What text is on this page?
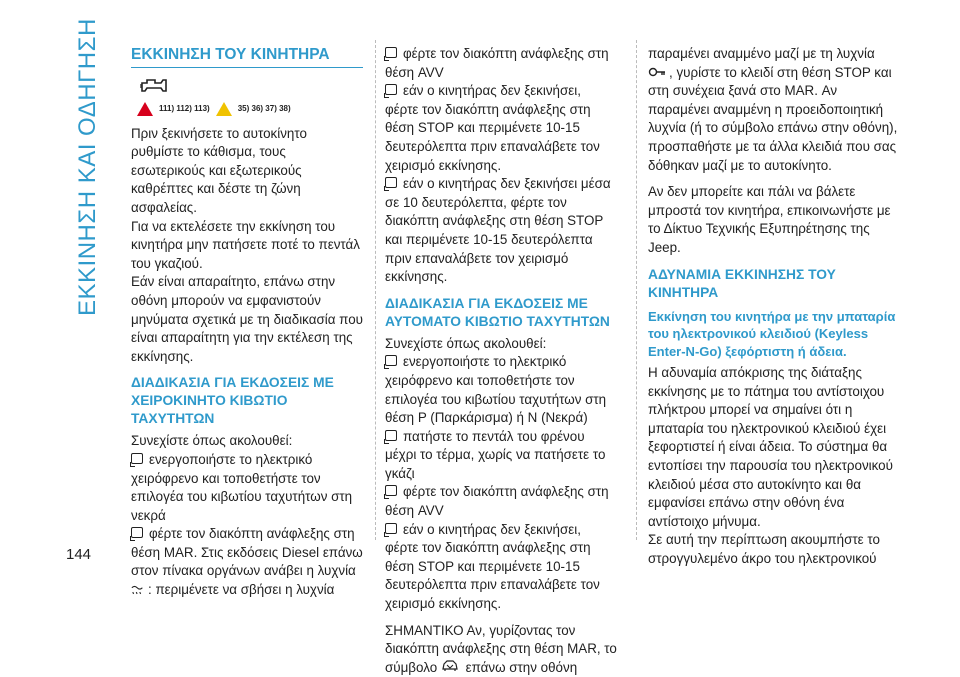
ΕΚΚΙΝΗΣΗ ΚΑΙ ΟΔΗΓΗΣΗ
144
ΕΚΚΙΝΗΣΗ ΤΟΥ ΚΙΝΗΤΗΡΑ
111) 112) 113)	35) 36) 37) 38)

Πριν ξεκινήσετε το αυτοκίνητο ρυθμίστε το κάθισμα, τους εσωτερικούς και εξωτερικούς καθρέπτες και δέστε τη ζώνη ασφαλείας.

Για να εκτελέσετε την εκκίνηση του κινητήρα μην πατήσετε ποτέ το πεντάλ του γκαζιού.

Εάν είναι απαραίτητο, επάνω στην οθόνη μπορούν να εμφανιστούν μηνύματα σχετικά με τη διαδικασία που είναι απαραίτητη για την εκτέλεση της εκκίνησης.

ΔΙΑΔΙΚΑΣΙΑ ΓΙΑ ΕΚΔΟΣΕΙΣ ΜΕ ΧΕΙΡΟΚΙΝΗΤΟ ΚΙΒΩΤΙΟ ΤΑΧΥΤΗΤΩΝ

Συνεχίστε όπως ακολουθεί:

ενεργοποιήστε το ηλεκτρικό χειρόφρενο και τοποθετήστε τον επιλογέα του κιβωτίου ταχυτήτων στη νεκρά

φέρτε τον διακόπτη ανάφλεξης στη θέση MAR. Στις εκδόσεις Diesel επάνω στον πίνακα οργάνων ανάβει η λυχνία

: περιμένετε να σβήσει η λυχνία

φέρτε τον διακόπτη ανάφλεξης στη θέση AVV

εάν ο κινητήρας δεν ξεκινήσει, φέρτε τον διακόπτη ανάφλεξης στη θέση STOP και περιμένετε 10-15 δευτερόλεπτα πριν επαναλάβετε τον χειρισμό εκκίνησης.

εάν ο κινητήρας δεν ξεκινήσει μέσα σε 10 δευτερόλεπτα, φέρτε τον διακόπτη ανάφλεξης στη θέση STOP και περιμένετε 10-15 δευτερόλεπτα πριν επαναλάβετε τον χειρισμό εκκίνησης.

ΔΙΑΔΙΚΑΣΙΑ ΓΙΑ ΕΚΔΟΣΕΙΣ ΜΕ ΑΥΤΟΜΑΤΟ ΚΙΒΩΤΙΟ ΤΑΧΥΤΗΤΩΝ

Συνεχίστε όπως ακολουθεί:

ενεργοποιήστε το ηλεκτρικό χειρόφρενο και τοποθετήστε τον επιλογέα του κιβωτίου ταχυτήτων στη θέση P (Παρκάρισμα) ή N (Νεκρά)

πατήστε το πεντάλ του φρένου μέχρι το τέρμα, χωρίς να πατήσετε το γκάζι

φέρτε τον διακόπτη ανάφλεξης στη θέση AVV

εάν ο κινητήρας δεν ξεκινήσει, φέρτε τον διακόπτη ανάφλεξης στη θέση STOP και περιμένετε 10-15 δευτερόλεπτα πριν επαναλάβετε τον χειρισμό εκκίνησης.

ΣΗΜΑΝΤΙΚΟ Αν, γυρίζοντας τον διακόπτη ανάφλεξης στη θέση MAR, το σύμβολο επάνω στην οθόνη

παραμένει αναμμένο μαζί με τη λυχνία

, γυρίστε το κλειδί στη θέση STOP και στη συνέχεια ξανά στο MAR. Αν παραμένει αναμμένη η προειδοποιητική λυχνία (ή το σύμβολο επάνω στην οθόνη), προσπαθήστε με τα άλλα κλειδιά που σας δόθηκαν μαζί με το αυτοκίνητο.

Αν δεν μπορείτε και πάλι να βάλετε μπροστά τον κινητήρα, επικοινωνήστε με το Δίκτυο Τεχνικής Εξυπηρέτησης της Jeep.

ΑΔΥΝΑΜΙΑ ΕΚΚΙΝΗΣΗΣ ΤΟΥ ΚΙΝΗΤΗΡΑ
Εκκίνηση του κινητήρα με την μπαταρία του ηλεκτρονικού κλειδιού (Keyless Enter-N-Go) ξεφόρτιστη ή άδεια.

Η αδυναμία απόκρισης της διάταξης εκκίνησης με το πάτημα του αντίστοιχου πλήκτρου μπορεί να σημαίνει ότι η μπαταρία του ηλεκτρονικού κλειδιού έχει ξεφορτιστεί ή είναι άδεια. Το σύστημα θα εντοπίσει την παρουσία του ηλεκτρονικού κλειδιού μέσα στο αυτοκίνητο και θα εμφανίσει επάνω στην οθόνη ένα αντίστοιχο μήνυμα.

Σε αυτή την περίπτωση ακουμπήστε το στρογγυλεμένο άκρο του ηλεκτρονικού
